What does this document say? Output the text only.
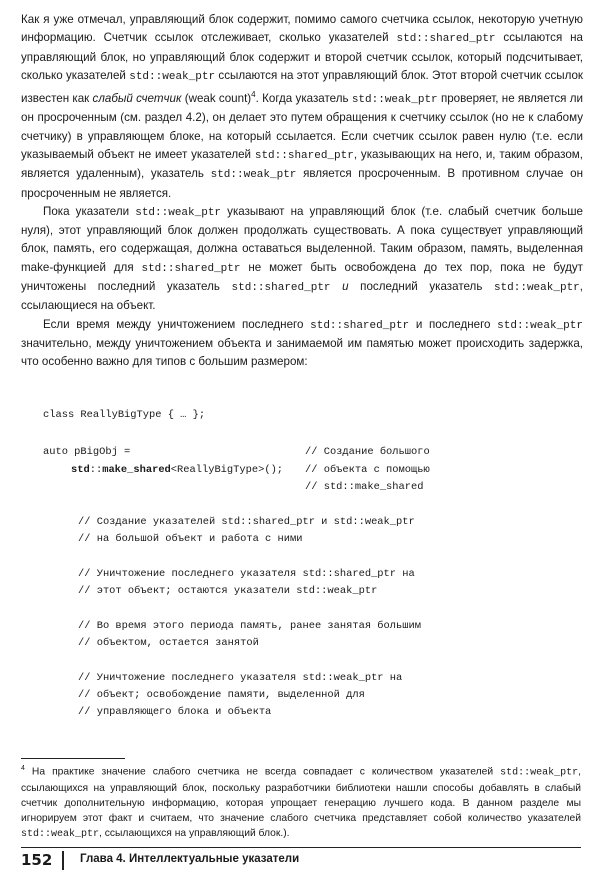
Как я уже отмечал, управляющий блок содержит, помимо самого счетчика ссылок, некоторую учетную информацию. Счетчик ссылок отслеживает, сколько указателей std::shared_ptr ссылаются на управляющий блок, но управляющий блок содержит и второй счетчик ссылок, который подсчитывает, сколько указателей std::weak_ptr ссылаются на этот управляющий блок. Этот второй счетчик ссылок известен как слабый счетчик (weak count)$^4$. Когда указатель std::weak_ptr проверяет, не является ли он просроченным (см. раздел 4.2), он делает это путем обращения к счетчику ссылок (но не к слабому счетчику) в управляющем блоке, на который ссылается. Если счетчик ссылок равен нулю (т.е. если указываемый объект не имеет указателей std::shared_ptr, указывающих на него, и, таким образом, является удаленным), указатель std::weak_ptr является просроченным. В противном случае он просроченным не является.

Пока указатели std::weak_ptr указывают на управляющий блок (т.е. слабый счетчик больше нуля), этот управляющий блок должен продолжать существовать. А пока существует управляющий блок, память, его содержащая, должна оставаться выделенной. Таким образом, память, выделенная make-функцией для std::shared_ptr не может быть освобождена до тех пор, пока не будут уничтожены последний указатель std::shared_ptr и последний указатель std::weak_ptr, ссылающиеся на объект.

Если время между уничтожением последнего std::shared_ptr и последнего std::weak_ptr значительно, между уничтожением объекта и занимаемой им памятью может происходить задержка, что особенно важно для типов с большим размером:

class ReallyBigType { … };
auto pBigObj =	// Создание большого
std::make_shared<ReallyBigType>(); // объекта с помощью
// std::make_shared
// Создание указателей std::shared_ptr и std::weak_ptr
// на большой объект и работа с ними
// Уничтожение последнего указателя std::shared_ptr на
// этот объект; остаются указатели std::weak_ptr
// Во время этого периода память, ранее занятая большим
// объектом, остается занятой
// Уничтожение последнего указателя std::weak_ptr на
// объект; освобождение памяти, выделенной для
// управляющего блока и объекта
$^4$ На практике значение слабого счетчика не всегда совпадает с количеством указателей std::weak_ptr, ссылающихся на управляющий блок, поскольку разработчики библиотеки нашли способы добавлять в слабый счетчик дополнительную информацию, которая упрощает генерацию лучшего кода. В данном разделе мы игнорируем этот факт и считаем, что значение слабого счетчика представляет собой количество указателей std::weak_ptr, ссылающихся на управляющий блок.).
152 Глава 4. Интеллектуальные указатели
